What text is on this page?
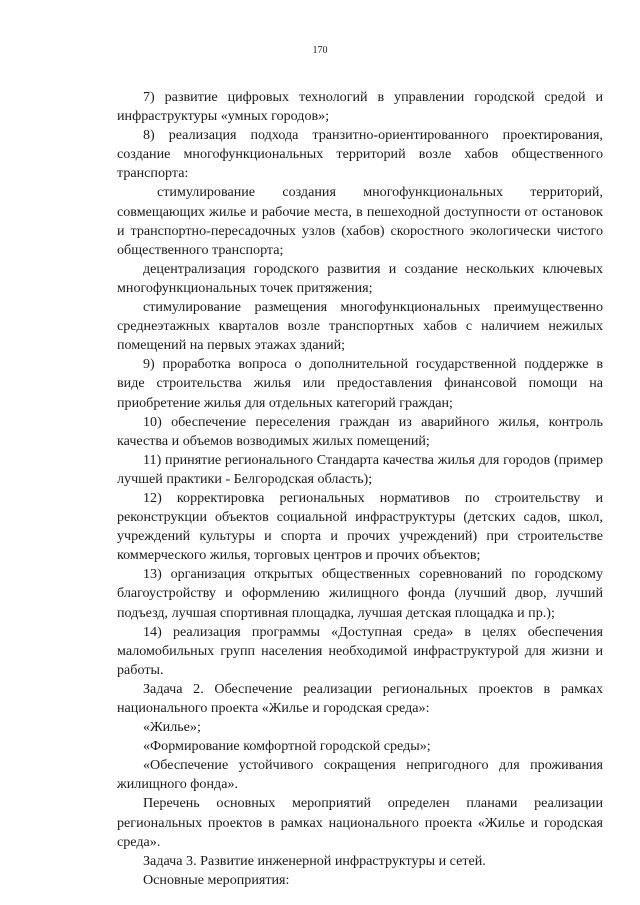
170

7) развитие цифровых технологий в управлении городской средой и инфраструктуры «умных городов»;

8) реализация подхода транзитно-ориентированного проектирования, создание многофункциональных территорий возле хабов общественного транспорта:

стимулирование создания многофункциональных территорий, совмещающих жилье и рабочие места, в пешеходной доступности от остановок и транспортно-пересадочных узлов (хабов) скоростного экологически чистого общественного транспорта;

децентрализация городского развития и создание нескольких ключевых многофункциональных точек притяжения;

стимулирование размещения многофункциональных преимущественно среднеэтажных кварталов возле транспортных хабов с наличием нежилых помещений на первых этажах зданий;

9) проработка вопроса о дополнительной государственной поддержке в виде строительства жилья или предоставления финансовой помощи на приобретение жилья для отдельных категорий граждан;

10) обеспечение переселения граждан из аварийного жилья, контроль качества и объемов возводимых жилых помещений;

11) принятие регионального Стандарта качества жилья для городов (пример лучшей практики - Белгородская область);

12) корректировка региональных нормативов по строительству и реконструкции объектов социальной инфраструктуры (детских садов, школ, учреждений культуры и спорта и прочих учреждений) при строительстве коммерческого жилья, торговых центров и прочих объектов;

13) организация открытых общественных соревнований по городскому благоустройству и оформлению жилищного фонда (лучший двор, лучший подъезд, лучшая спортивная площадка, лучшая детская площадка и пр.);

14) реализация программы «Доступная среда» в целях обеспечения маломобильных групп населения необходимой инфраструктурой для жизни и работы.

Задача 2. Обеспечение реализации региональных проектов в рамках национального проекта «Жилье и городская среда»:

«Жилье»;

«Формирование комфортной городской среды»;

«Обеспечение устойчивого сокращения непригодного для проживания жилищного фонда».

Перечень основных мероприятий определен планами реализации региональных проектов в рамках национального проекта «Жилье и городская среда».

Задача 3. Развитие инженерной инфраструктуры и сетей.

Основные мероприятия:
